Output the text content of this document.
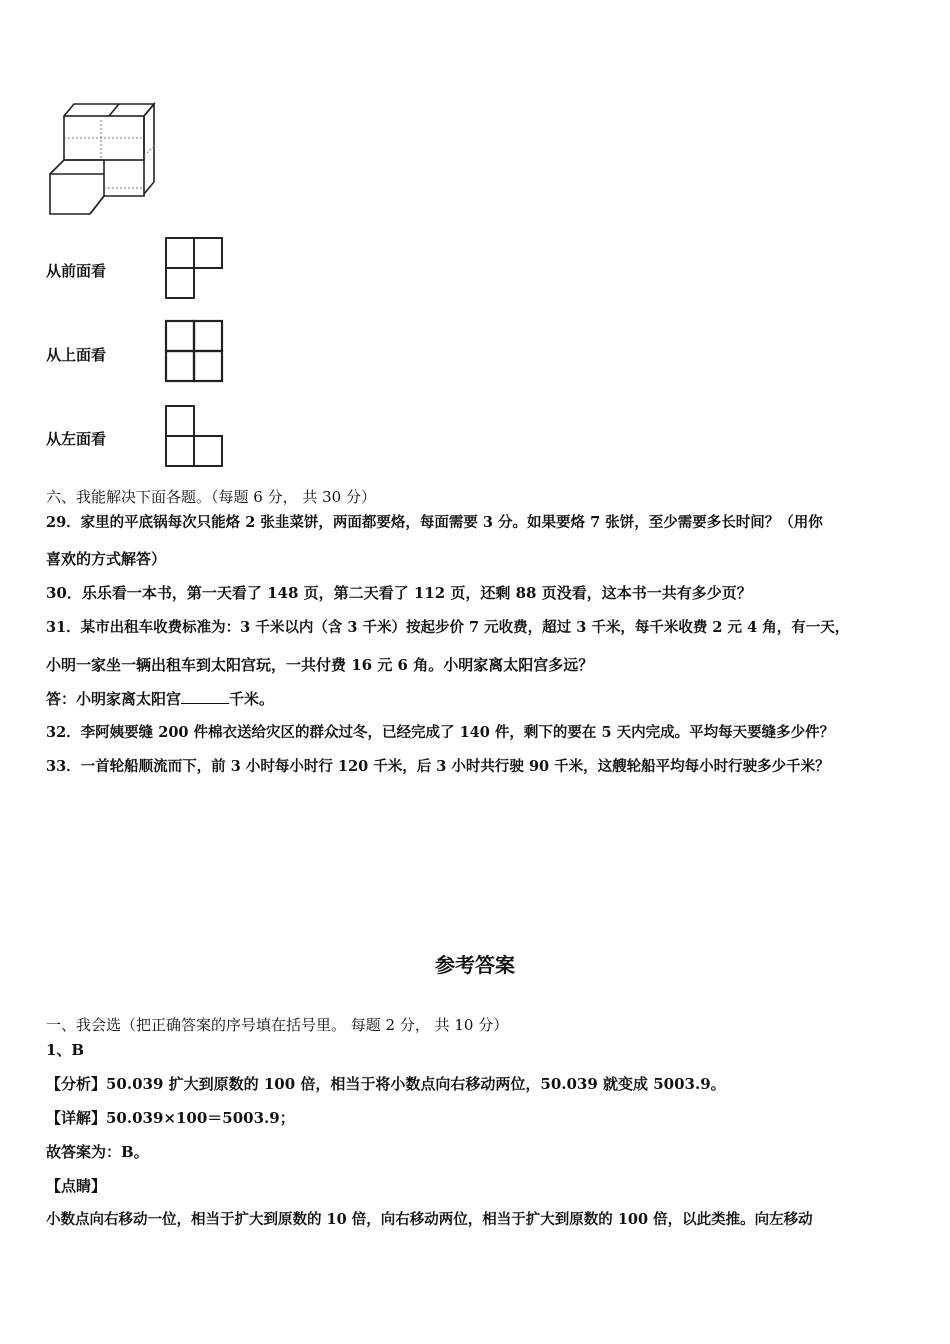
从前面看
从上面看
从左面看
六、我能解决下面各题。（每题 6 分， 共 30 分）
29．家里的平底锅每次只能烙 2 张韭菜饼，两面都要烙，每面需要 3 分。如果要烙 7 张饼，至少需要多长时间？（用你
喜欢的方式解答）
30．乐乐看一本书，第一天看了 148 页，第二天看了 112 页，还剩 88 页没看，这本书一共有多少页？
31．某市出租车收费标准为：3 千米以内（含 3 千米）按起步价 7 元收费，超过 3 千米，每千米收费 2 元 4 角，有一天，
小明一家坐一辆出租车到太阳宫玩，一共付费 16 元 6 角。小明家离太阳宫多远？
答：小明家离太阳宫	千米。
32．李阿姨要缝 200 件棉衣送给灾区的群众过冬，已经完成了 140 件，剩下的要在 5 天内完成。平均每天要缝多少件？
33．一首轮船顺流而下，前 3 小时每小时行 120 千米，后 3 小时共行驶 90 千米，这艘轮船平均每小时行驶多少千米？
参考答案
一、我会选（把正确答案的序号填在括号里。 每题 2 分， 共 10 分）
1、B
【分析】50.039 扩大到原数的 100 倍，相当于将小数点向右移动两位，50.039 就变成 5003.9。
【详解】50.039×100＝5003.9；
故答案为：B。
【点睛】
小数点向右移动一位，相当于扩大到原数的 10 倍，向右移动两位，相当于扩大到原数的 100 倍，以此类推。向左移动
